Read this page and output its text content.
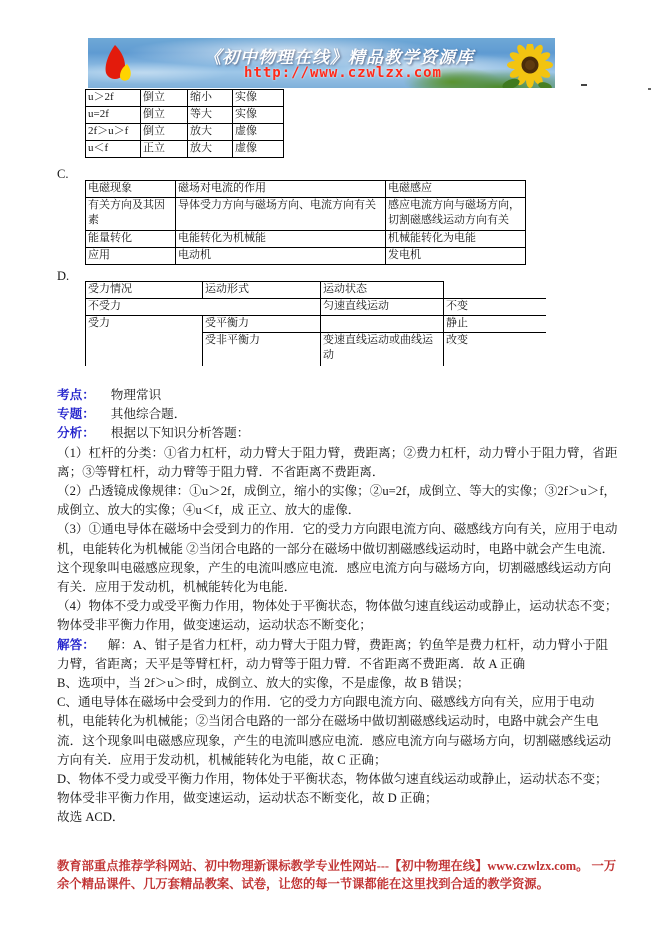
《初中物理在线》精品教学资源库
http://www.czwlzx.com
u＞2f	倒立	缩小	实像
u=2f	倒立	等大	实像
2f＞u＞f	倒立	放大	虚像
u＜f	正立	放大	虚像
C.
电磁现象	磁场对电流的作用	电磁感应
有关方向及其因素	导体受力方向与磁场方向、电流方向有关	感应电流方向与磁场方向，切割磁感线运动方向有关
能量转化	电能转化为机械能	机械能转化为电能
应用	电动机	发电机
D.
受力情况	运动形式	运动状态	
不受力		匀速直线运动	不变
受力	受平衡力		静止
	受非平衡力	变速直线运动或曲线运动	改变
考点： 物理常识
专题： 其他综合题．
分析： 根据以下知识分析答题：
（1）杠杆的分类：①省力杠杆，动力臂大于阻力臂，费距离；②费力杠杆，动力臂小于阻力臂，省距离；③等臂杠杆，动力臂等于阻力臂．不省距离不费距离．
（2）凸透镜成像规律：①u＞2f，成倒立，缩小的实像；②u=2f，成倒立、等大的实像；③2f＞u＞f，成倒立、放大的实像；④u＜f，成 正立、放大的虚像．
（3）①通电导体在磁场中会受到力的作用．它的受力方向跟电流方向、磁感线方向有关，应用于电动机，电能转化为机械能 ②当闭合电路的一部分在磁场中做切割磁感线运动时，电路中就会产生电流．这个现象叫电磁感应现象，产生的电流叫感应电流．感应电流方向与磁场方向，切割磁感线运动方向有关．应用于发动机，机械能转化为电能．
（4）物体不受力或受平衡力作用，物体处于平衡状态，物体做匀速直线运动或静止，运动状态不变；物体受非平衡力作用，做变速运动，运动状态不断变化；
解答： 解：A、钳子是省力杠杆，动力臂大于阻力臂，费距离；钓鱼竿是费力杠杆，动力臂小于阻力臂，省距离；天平是等臂杠杆，动力臂等于阻力臂．不省距离不费距离．故 A 正确
B、选项中，当 2f＞u＞f时，成倒立、放大的实像，不是虚像，故 B 错误；
C、通电导体在磁场中会受到力的作用．它的受力方向跟电流方向、磁感线方向有关，应用于电动机，电能转化为机械能；②当闭合电路的一部分在磁场中做切割磁感线运动时，电路中就会产生电流．这个现象叫电磁感应现象，产生的电流叫感应电流．感应电流方向与磁场方向，切割磁感线运动方向有关．应用于发动机，机械能转化为电能，故 C 正确；
D、物体不受力或受平衡力作用，物体处于平衡状态，物体做匀速直线运动或静止，运动状态不变；物体受非平衡力作用，做变速运动，运动状态不断变化，故 D 正确；
故选 ACD．
教育部重点推荐学科网站、初中物理新课标教学专业性网站---【初中物理在线】www.czwlzx.com。 一万余个精品课件、几万套精品教案、试卷，让您的每一节课都能在这里找到合适的教学资源。
